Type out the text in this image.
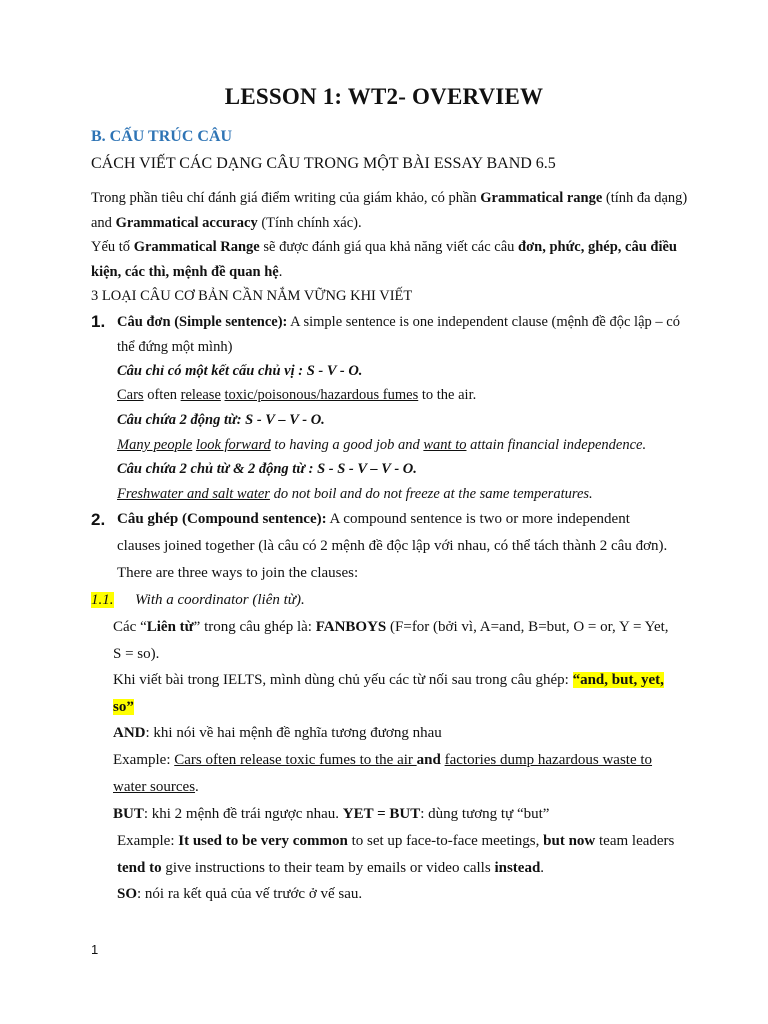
LESSON 1: WT2- OVERVIEW
B. CẤU TRÚC CÂU
CÁCH VIẾT CÁC DẠNG CÂU TRONG MỘT BÀI ESSAY BAND 6.5
Trong phần tiêu chí đánh giá điểm writing của giám khảo, có phần Grammatical range (tính đa dạng)
and Grammatical accuracy (Tính chính xác).
Yếu tố Grammatical Range sẽ được đánh giá qua khả năng viết các câu đơn, phức, ghép, câu điều
kiện, các thì, mệnh đề quan hệ.
3 LOẠI CÂU CƠ BẢN CẦN NẮM VỮNG KHI VIẾT
1. Câu đơn (Simple sentence): A simple sentence is one independent clause (mệnh đề độc lập – có
thể đứng một mình)
Câu chỉ có một kết cấu chủ vị : S - V - O.
Cars often release toxic/poisonous/hazardous fumes to the air.
Câu chứa 2 động từ: S - V – V - O.
Many people look forward to having a good job and want to attain financial independence.
Câu chứa 2 chủ từ & 2 động từ : S - S - V – V - O.
Freshwater and salt water do not boil and do not freeze at the same temperatures.
2. Câu ghép (Compound sentence): A compound sentence is two or more independent
clauses joined together (là câu có 2 mệnh đề độc lập với nhau, có thể tách thành 2 câu đơn).
There are three ways to join the clauses:
1.1. With a coordinator (liên từ).
Các “Liên từ” trong câu ghép là: FANBOYS (F=for (bởi vì, A=and, B=but, O = or, Y = Yet,
S = so).
Khi viết bài trong IELTS, mình dùng chủ yếu các từ nối sau trong câu ghép: “and, but, yet,
so”
AND: khi nói về hai mệnh đề nghĩa tương đương nhau
Example: Cars often release toxic fumes to the air and factories dump hazardous waste to
water sources.
BUT: khi 2 mệnh đề trái ngược nhau. YET = BUT: dùng tương tự “but”
Example: It used to be very common to set up face-to-face meetings, but now team leaders
tend to give instructions to their team by emails or video calls instead.
SO: nói ra kết quả của vế trước ở vế sau.
1
